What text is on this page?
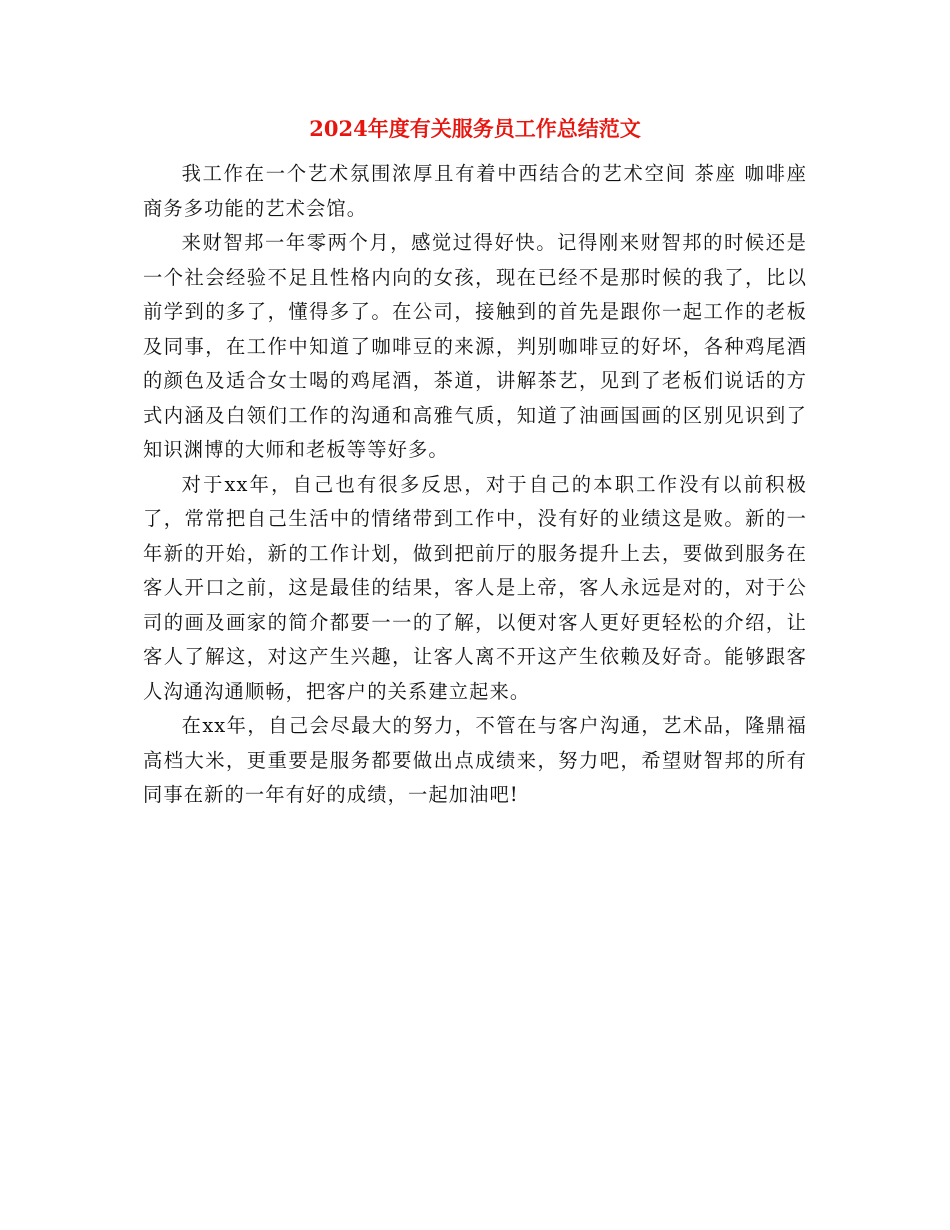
2024年度有关服务员工作总结范文

我工作在一个艺术氛围浓厚且有着中西结合的艺术空间 茶座 咖啡座 商务多功能的艺术会馆。

来财智邦一年零两个月，感觉过得好快。记得刚来财智邦的时候还是一个社会经验不足且性格内向的女孩，现在已经不是那时候的我了，比以前学到的多了，懂得多了。在公司，接触到的首先是跟你一起工作的老板及同事，在工作中知道了咖啡豆的来源，判别咖啡豆的好坏，各种鸡尾酒的颜色及适合女士喝的鸡尾酒，茶道，讲解茶艺，见到了老板们说话的方式内涵及白领们工作的沟通和高雅气质，知道了油画国画的区别见识到了知识渊博的大师和老板等等好多。

对于xx年，自己也有很多反思，对于自己的本职工作没有以前积极了，常常把自己生活中的情绪带到工作中，没有好的业绩这是败。新的一年新的开始，新的工作计划，做到把前厅的服务提升上去，要做到服务在客人开口之前，这是最佳的结果，客人是上帝，客人永远是对的，对于公司的画及画家的简介都要一一的了解，以便对客人更好更轻松的介绍，让客人了解这，对这产生兴趣，让客人离不开这产生依赖及好奇。能够跟客人沟通沟通顺畅，把客户的关系建立起来。

在xx年，自己会尽最大的努力，不管在与客户沟通，艺术品，隆鼎福高档大米，更重要是服务都要做出点成绩来，努力吧，希望财智邦的所有同事在新的一年有好的成绩，一起加油吧!
